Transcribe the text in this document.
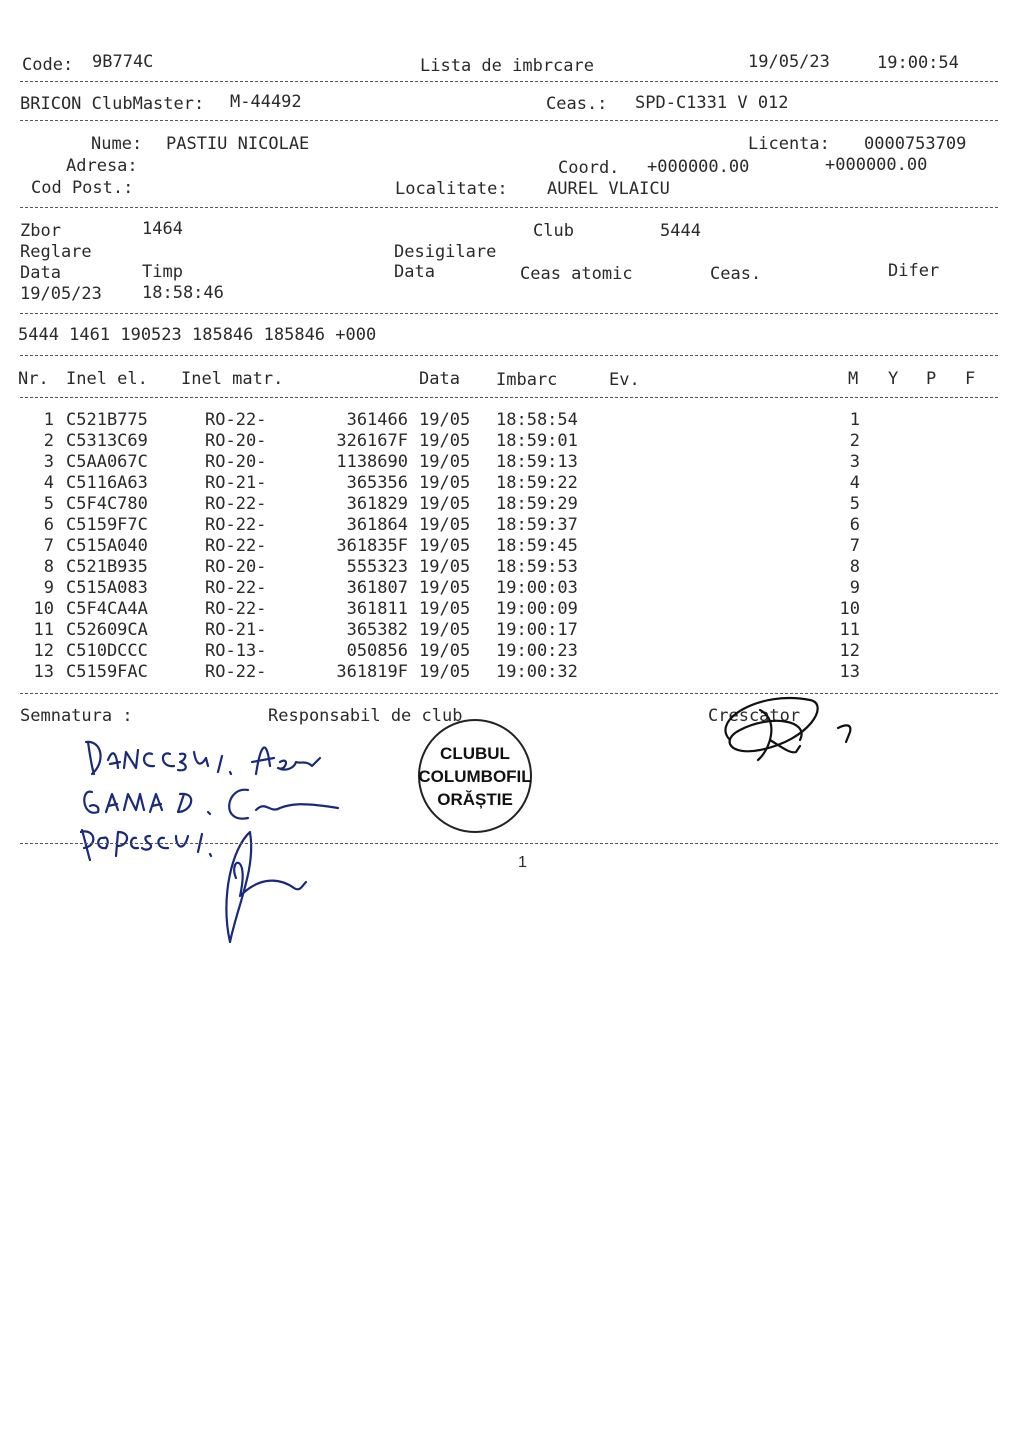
Code: 9B774C	Lista de imbrcare	19/05/23	19:00:54
BRICON ClubMaster: M-44492	Ceas.: SPD-C1331 V 012
Nume: PASTIU NICOLAE	Licenta: 0000753709
Adresa:	Coord. +000000.00	+000000.00
Cod Post.:	Localitate: AUREL VLAICU
Zbor	1464	Club	5444
Reglare	Desigilare
Data	Timp	Data	Ceas atomic	Ceas.	Difer
19/05/23 18:58:46
5444 1461 190523 185846 185846 +000
Nr. Inel el. Inel matr.	Data Imbarc	Ev.	M Y P F
1 C521B775	RO-22-	361466 19/05 18:58:54	1
2 C5313C69	RO-20-	326167F 19/05 18:59:01	2
3 C5AA067C	RO-20-	1138690 19/05 18:59:13	3
4 C5116A63	RO-21-	365356 19/05 18:59:22	4
5 C5F4C780	RO-22-	361829 19/05 18:59:29	5
6 C5159F7C	RO-22-	361864 19/05 18:59:37	6
7 C515A040	RO-22-	361835F 19/05 18:59:45	7
8 C521B935	RO-20-	555323 19/05 18:59:53	8
9 C515A083	RO-22-	361807 19/05 19:00:03	9
10 C5F4CA4A	RO-22-	361811 19/05 19:00:09	10
11 C52609CA	RO-21-	365382 19/05 19:00:17	11
12 C510DCCC	RO-13-	050856 19/05 19:00:23	12
13 C5159FAC	RO-22-	361819F 19/05 19:00:32	13
Semnatura :	Responsabil de club	Crescator
DANCESCU L.
CLUBUL
COLUMBOFIL
ORĂȘTIE
1
